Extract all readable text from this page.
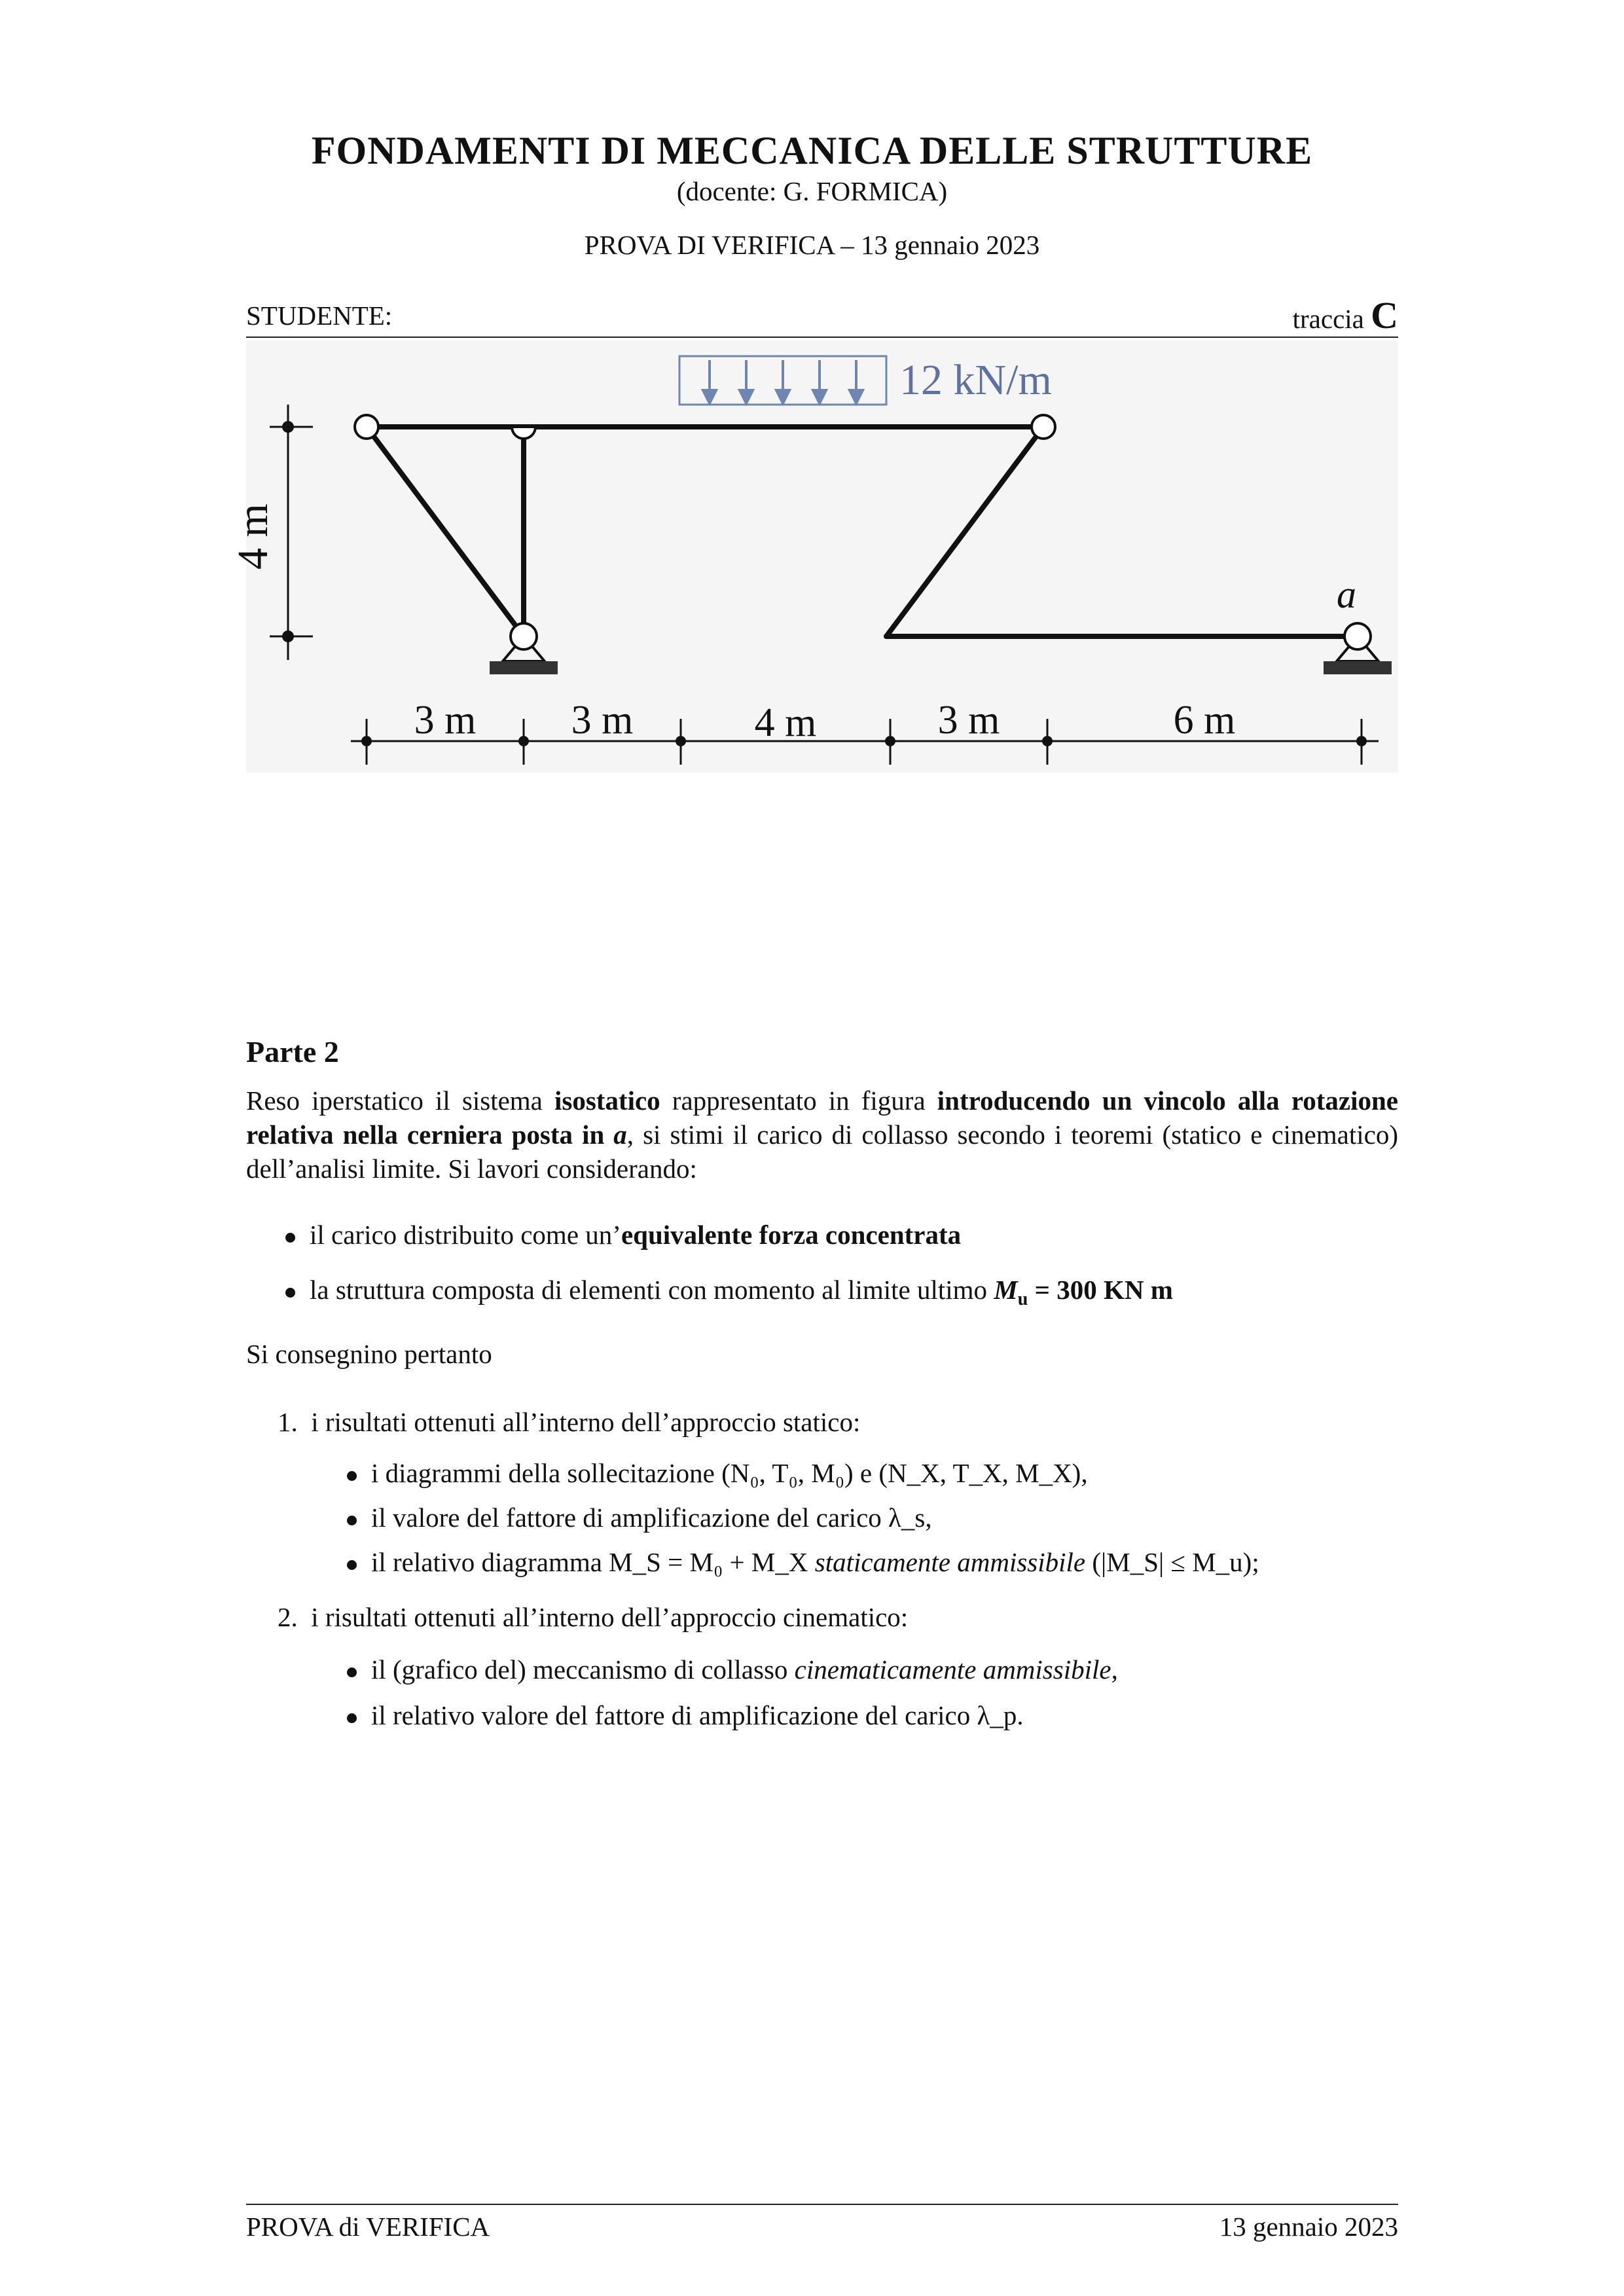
FONDAMENTI DI MECCANICA DELLE STRUTTURE
(docente: G. FORMICA)
PROVA DI VERIFICA – 13 gennaio 2023
STUDENTE:	traccia C
12 kN/m
4 m
a
3 m 3 m	4 m	3 m	6 m
Parte 2
Reso iperstatico il sistema isostatico rappresentato in figura introducendo un vincolo alla rotazione relativa nella cerniera posta in a, si stimi il carico di collasso secondo i teoremi (statico e cinematico) dell’analisi limite. Si lavori considerando:
il carico distribuito come un’equivalente forza concentrata
la struttura composta di elementi con momento al limite ultimo $M_u = 300$ KN m
Si consegnino pertanto
1. i risultati ottenuti all’interno dell’approccio statico:
i diagrammi della sollecitazione (N₀, T₀, M₀) e (N_X, T_X, M_X),
il valore del fattore di amplificazione del carico λ_s,
il relativo diagramma M_S = M₀ + M_X staticamente ammissibile (|M_S| ≤ M_u);
2. i risultati ottenuti all’interno dell’approccio cinematico:
il (grafico del) meccanismo di collasso cinematicamente ammissibile,
il relativo valore del fattore di amplificazione del carico λ_p.
PROVA di VERIFICA	13 gennaio 2023
